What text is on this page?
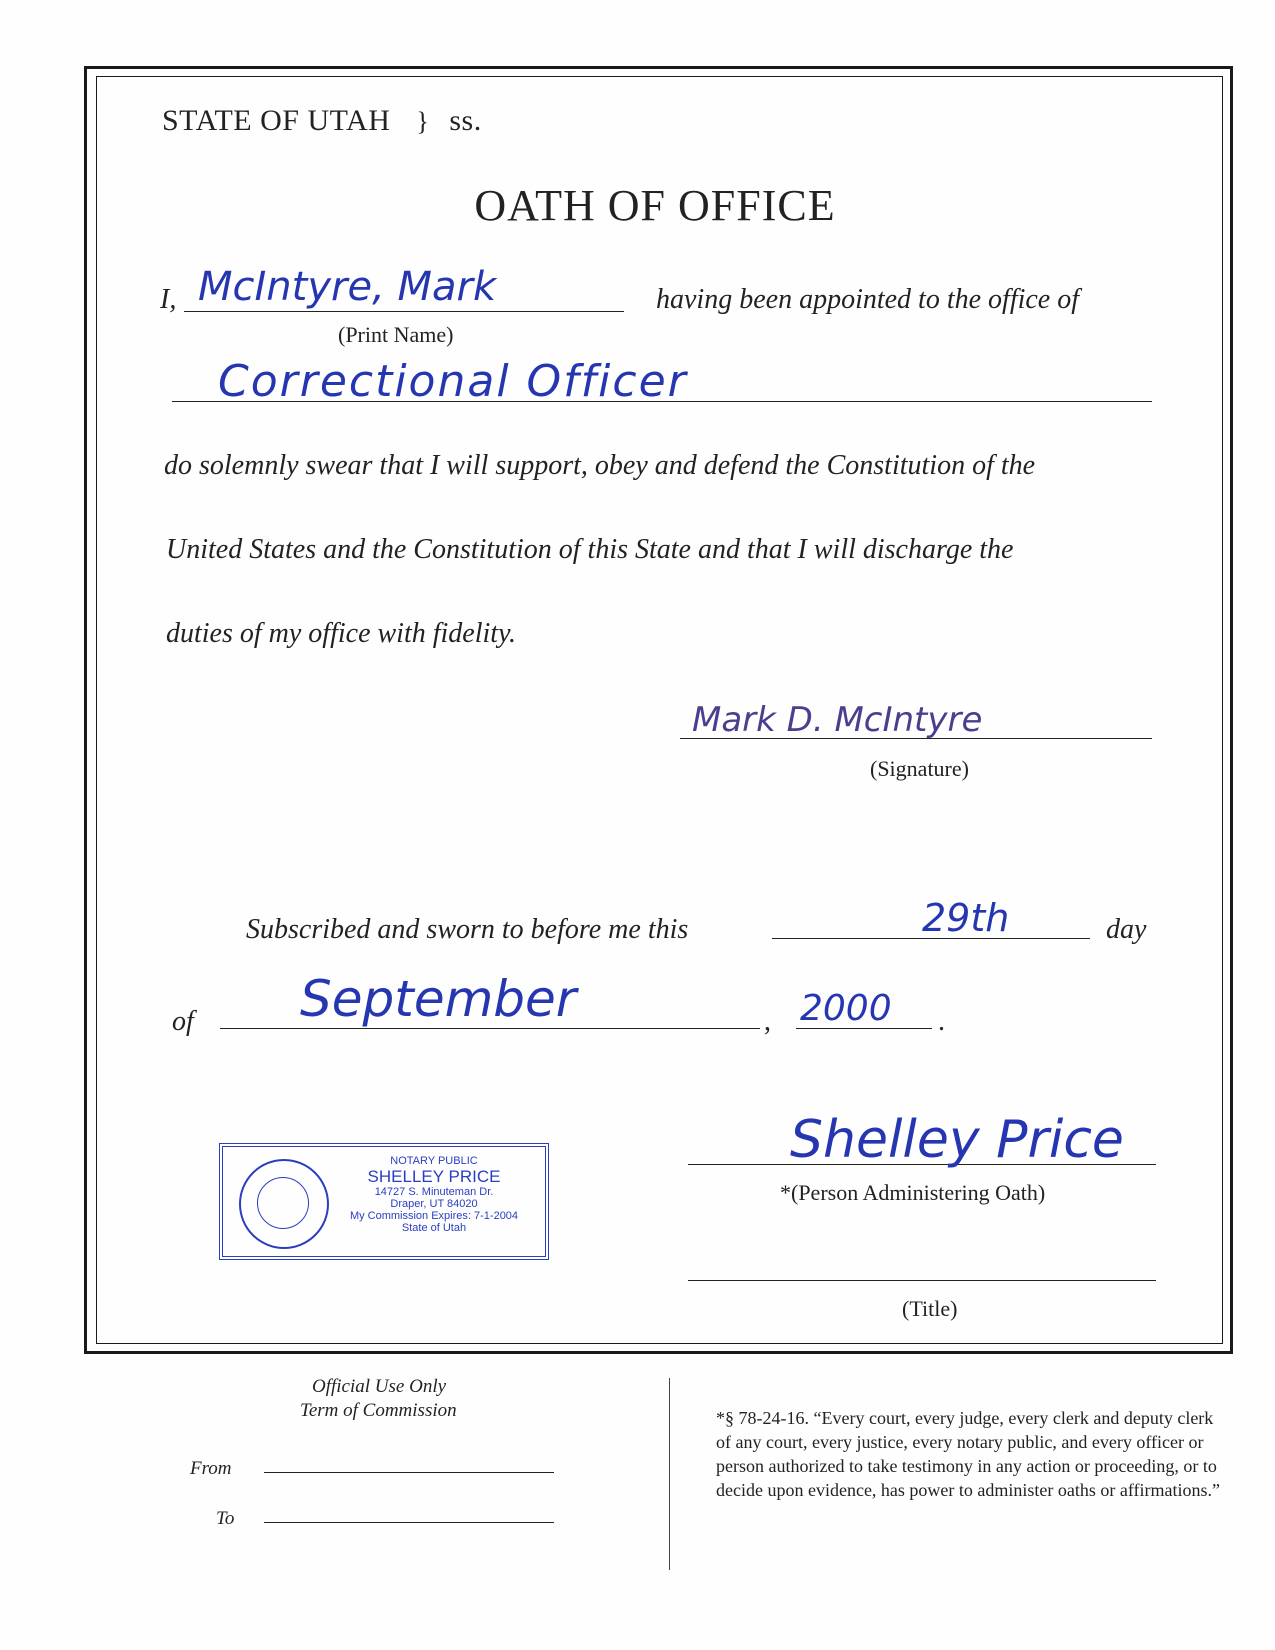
STATE OF UTAH } ss.
OATH OF OFFICE
I, McIntyre, Mark
(Print Name)
having been appointed to the office of
Correctional Officer
do solemnly swear that I will support, obey and defend the Constitution of the
United States and the Constitution of this State and that I will discharge the
duties of my office with fidelity.
Mark D. McIntyre
(Signature)
Subscribed and sworn to before me this	29th	day
of September	, 2000 .
NOTARY PUBLIC
SHELLEY PRICE
14727 S. Minuteman Dr.
Draper, UT 84020
My Commission Expires: 7-1-2004
State of Utah
Shelley Price
*(Person Administering Oath)
(Title)
Official Use Only
Term of Commission
From
To
*§ 78-24-16. “Every court, every judge, every clerk and deputy clerk of any court, every justice, every notary public, and every officer or person authorized to take testimony in any action or proceeding, or to decide upon evidence, has power to administer oaths or affirmations.”
